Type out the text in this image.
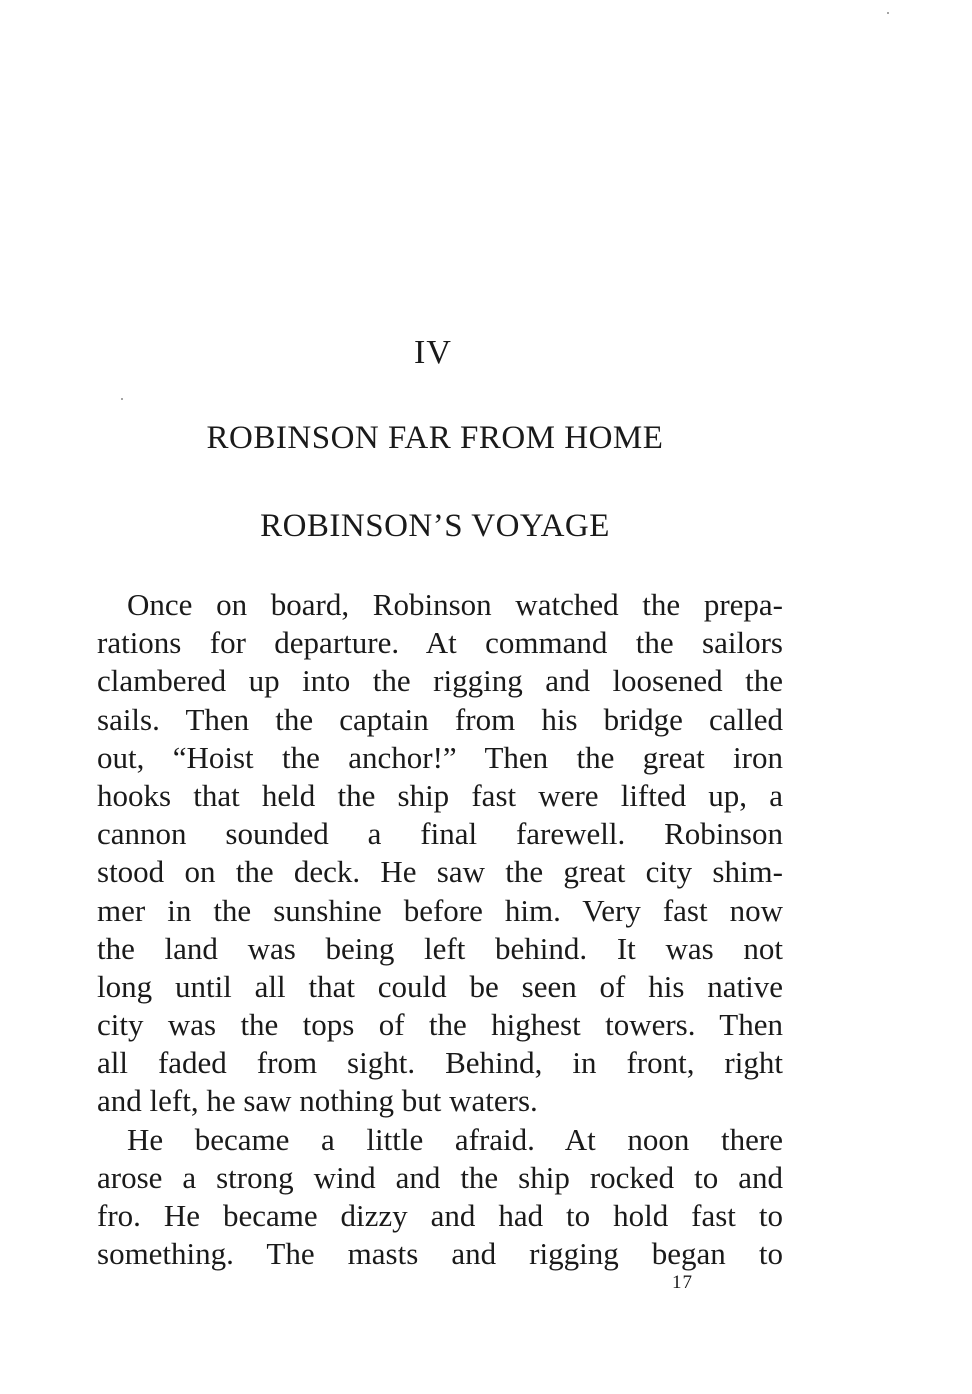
IV
ROBINSON FAR FROM HOME
ROBINSON’S VOYAGE
Once on board, Robinson watched the prepa-
rations for departure. At command the sailors
clambered up into the rigging and loosened the
sails. Then the captain from his bridge called
out, “Hoist the anchor!” Then the great iron
hooks that held the ship fast were lifted up, a
cannon sounded a final farewell. Robinson
stood on the deck. He saw the great city shim-
mer in the sunshine before him. Very fast now
the land was being left behind. It was not
long until all that could be seen of his native
city was the tops of the highest towers. Then
all faded from sight. Behind, in front, right
and left, he saw nothing but waters.
He became a little afraid. At noon there
arose a strong wind and the ship rocked to and
fro. He became dizzy and had to hold fast to
something. The masts and rigging began to
17
